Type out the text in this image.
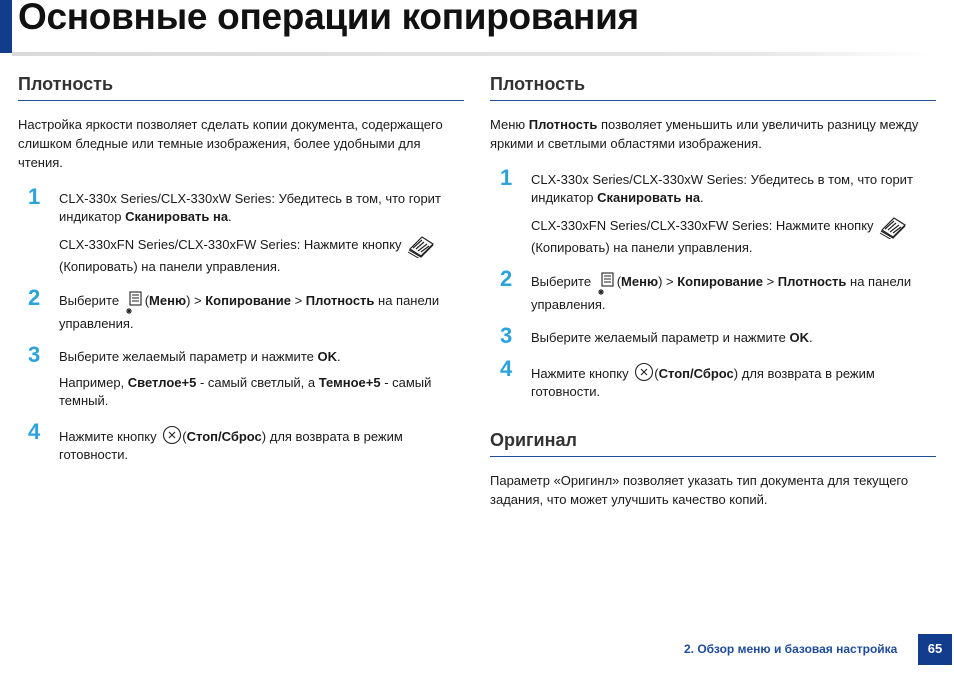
Основные операции копирования
Плотность

Настройка яркости позволяет сделать копии документа, содержащего слишком бледные или темные изображения, более удобными для чтения.

1 CLX-330x Series/CLX-330xW Series: Убедитесь в том, что горит индикатор Сканировать на.

CLX-330xFN Series/CLX-330xFW Series: Нажмите кнопку
(Копировать) на панели управления.

2 Выберите (Меню) > Копирование > Плотность на панели управления.

3 Выберите желаемый параметр и нажмите OK.

Например, Светлое+5 - самый светлый, а Темное+5 - самый темный.

4 Нажмите кнопку (Стоп/Сброс) для возврата в режим готовности.

Плотность

Меню Плотность позволяет уменьшить или увеличить разницу между яркими и светлыми областями изображения.

1 CLX-330x Series/CLX-330xW Series: Убедитесь в том, что горит индикатор Сканировать на.

CLX-330xFN Series/CLX-330xFW Series: Нажмите кнопку
(Копировать) на панели управления.

2 Выберите (Меню) > Копирование > Плотность на панели управления.

3 Выберите желаемый параметр и нажмите OK.

4 Нажмите кнопку (Стоп/Сброс) для возврата в режим готовности.

Оригинал

Параметр «Оригинл» позволяет указать тип документа для текущего задания, что может улучшить качество копий.

2. Обзор меню и базовая настройка	65
